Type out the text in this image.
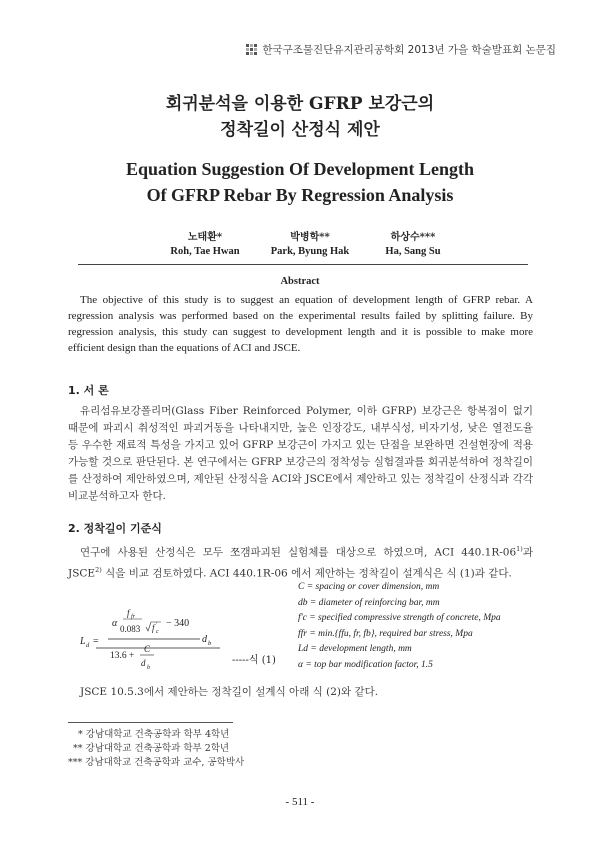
한국구조물진단유지관리공학회 2013년 가을 학술발표회 논문집
회귀분석을 이용한 GFRP 보강근의
정착길이 산정식 제안
Equation Suggestion Of Development Length
Of GFRP Rebar By Regression Analysis
노태환*
Roh, Tae Hwan
박병학**
Park, Byung Hak
하상수***
Ha, Sang Su
Abstract
The objective of this study is to suggest an equation of development length of GFRP rebar. A regression analysis was performed based on the experimental results failed by splitting failure. By regression analysis, this study can suggest to development length and it is possible to make more efficient design than the equations of ACI and JSCE.
1. 서 론
유리섬유보강폴리머(Glass Fiber Reinforced Polymer, 이하 GFRP) 보강근은 항복점이 없기 때문에 파괴시 취성적인 파괴거동을 나타내지만, 높은 인장강도, 내부식성, 비자기성, 낮은 열전도율 등 우수한 재료적 특성을 가지고 있어 GFRP 보강근이 가지고 있는 단점을 보완하면 건설현장에 적용 가능할 것으로 판단된다. 본 연구에서는 GFRP 보강근의 정착성능 실험결과를 회귀분석하여 정착길이를 산정하여 제안하였으며, 제안된 산정식을 ACI와 JSCE에서 제안하고 있는 정착길이 산정식과 각각 비교분석하고자 한다.
2. 정착길이 기준식
연구에 사용된 산정식은 모두 쪼갬파괴된 실험체를 대상으로 하였으며, ACI 440.1R-06$^{1)}$과 JSCE$^{2)}$ 식을 비교 검토하였다. ACI 440.1R-06 에서 제안하는 정착길이 설계식은 식 (1)과 같다.
L d =
α
f fr
0.083 f '
c
− 340
d b
13.6 +
C
d b
-----식 (1)
C = spacing or cover dimension, mm
db = diameter of reinforcing bar, mm
f'c = specified compressive strength of concrete, Mpa
ffr = min.{ffu, fr, fb}, required bar stress, Mpa
Ld = development length, mm
α = top bar modification factor, 1.5
JSCE 10.5.3에서 제안하는 정착길이 설계식 아래 식 (2)와 같다.
* 강남대학교 건축공학과 학부 4학년
** 강남대학교 건축공학과 학부 2학년
*** 강남대학교 건축공학과 교수, 공학박사
- 511 -
